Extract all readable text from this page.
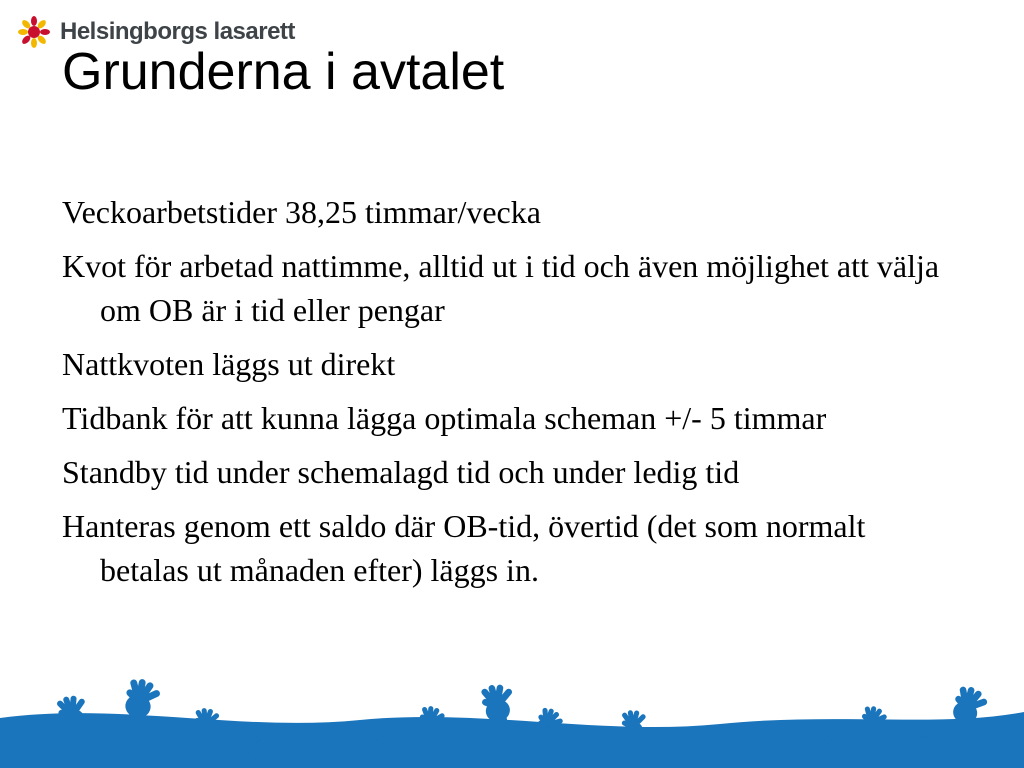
Helsingborgs lasarett
Grunderna i avtalet
Veckoarbetstider 38,25 timmar/vecka
Kvot för arbetad nattimme, alltid ut i tid och även möjlighet att välja om OB är i tid eller pengar
Nattkvoten läggs ut direkt
Tidbank för att kunna lägga optimala scheman +/- 5 timmar
Standby tid under schemalagd tid och under ledig tid
Hanteras genom ett saldo där OB-tid, övertid (det som normalt betalas ut månaden efter) läggs in.
